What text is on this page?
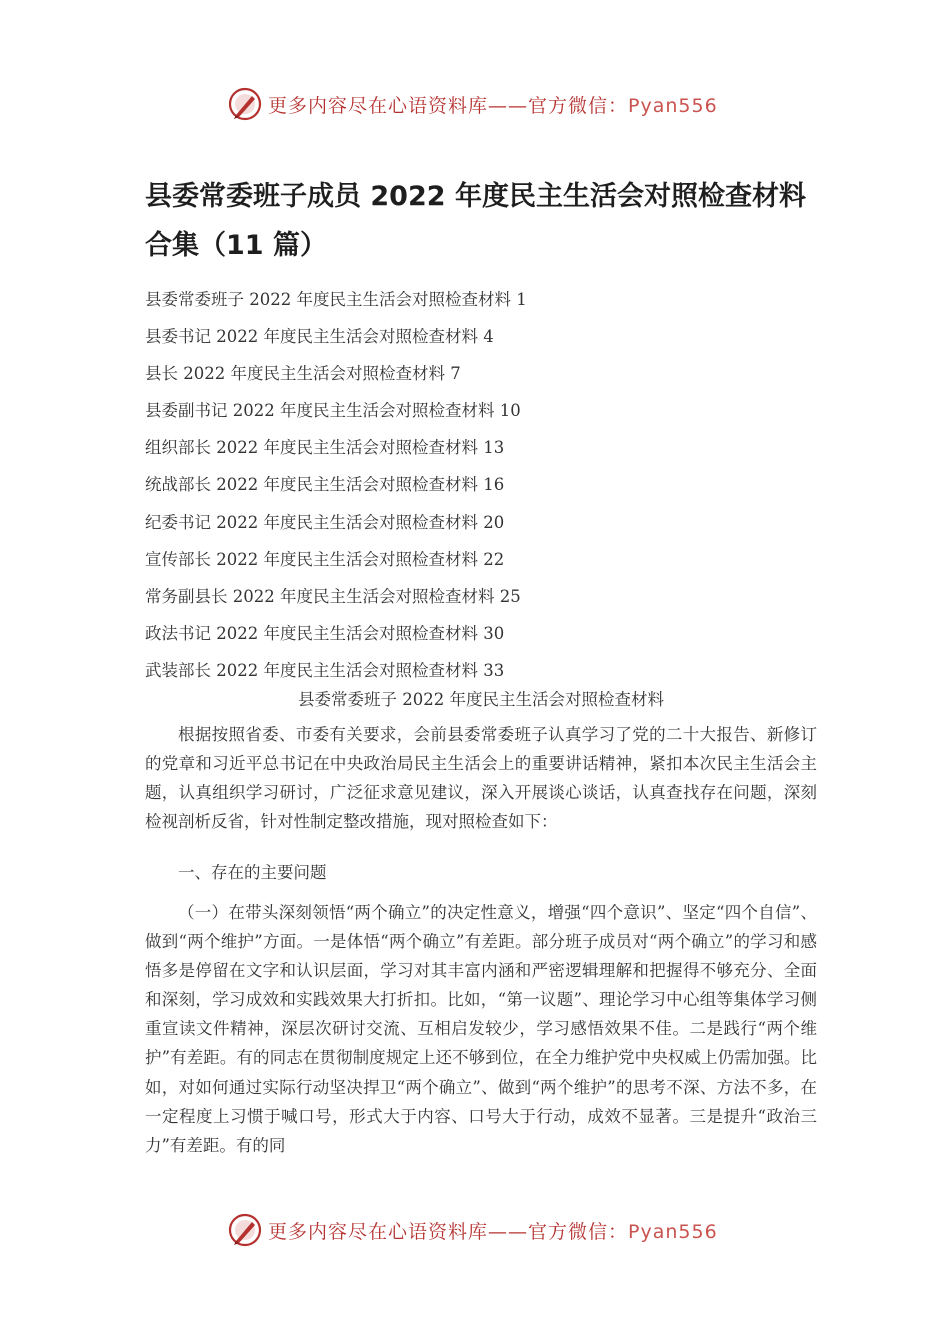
更多内容尽在心语资料库——官方微信：Pyan556
县委常委班子成员 2022 年度民主生活会对照检查材料合集（11 篇）
县委常委班子 2022 年度民主生活会对照检查材料 1
县委书记 2022 年度民主生活会对照检查材料 4
县长 2022 年度民主生活会对照检查材料 7
县委副书记 2022 年度民主生活会对照检查材料 10
组织部长 2022 年度民主生活会对照检查材料 13
统战部长 2022 年度民主生活会对照检查材料 16
纪委书记 2022 年度民主生活会对照检查材料 20
宣传部长 2022 年度民主生活会对照检查材料 22
常务副县长 2022 年度民主生活会对照检查材料 25
政法书记 2022 年度民主生活会对照检查材料 30
武装部长 2022 年度民主生活会对照检查材料 33
县委常委班子 2022 年度民主生活会对照检查材料

根据按照省委、市委有关要求，会前县委常委班子认真学习了党的二十大报告、新修订的党章和习近平总书记在中央政治局民主生活会上的重要讲话精神，紧扣本次民主生活会主题，认真组织学习研讨，广泛征求意见建议，深入开展谈心谈话，认真查找存在问题，深刻检视剖析反省，针对性制定整改措施，现对照检查如下：

一、存在的主要问题

（一）在带头深刻领悟“两个确立”的决定性意义，增强“四个意识”、坚定“四个自信”、做到“两个维护”方面。一是体悟“两个确立”有差距。部分班子成员对“两个确立”的学习和感悟多是停留在文字和认识层面，学习对其丰富内涵和严密逻辑理解和把握得不够充分、全面和深刻，学习成效和实践效果大打折扣。比如，“第一议题”、理论学习中心组等集体学习侧重宣读文件精神，深层次研讨交流、互相启发较少，学习感悟效果不佳。二是践行“两个维护”有差距。有的同志在贯彻制度规定上还不够到位，在全力维护党中央权威上仍需加强。比如，对如何通过实际行动坚决捍卫“两个确立”、做到“两个维护”的思考不深、方法不多，在一定程度上习惯于喊口号，形式大于内容、口号大于行动，成效不显著。三是提升“政治三力”有差距。有的同

更多内容尽在心语资料库——官方微信：Pyan556
